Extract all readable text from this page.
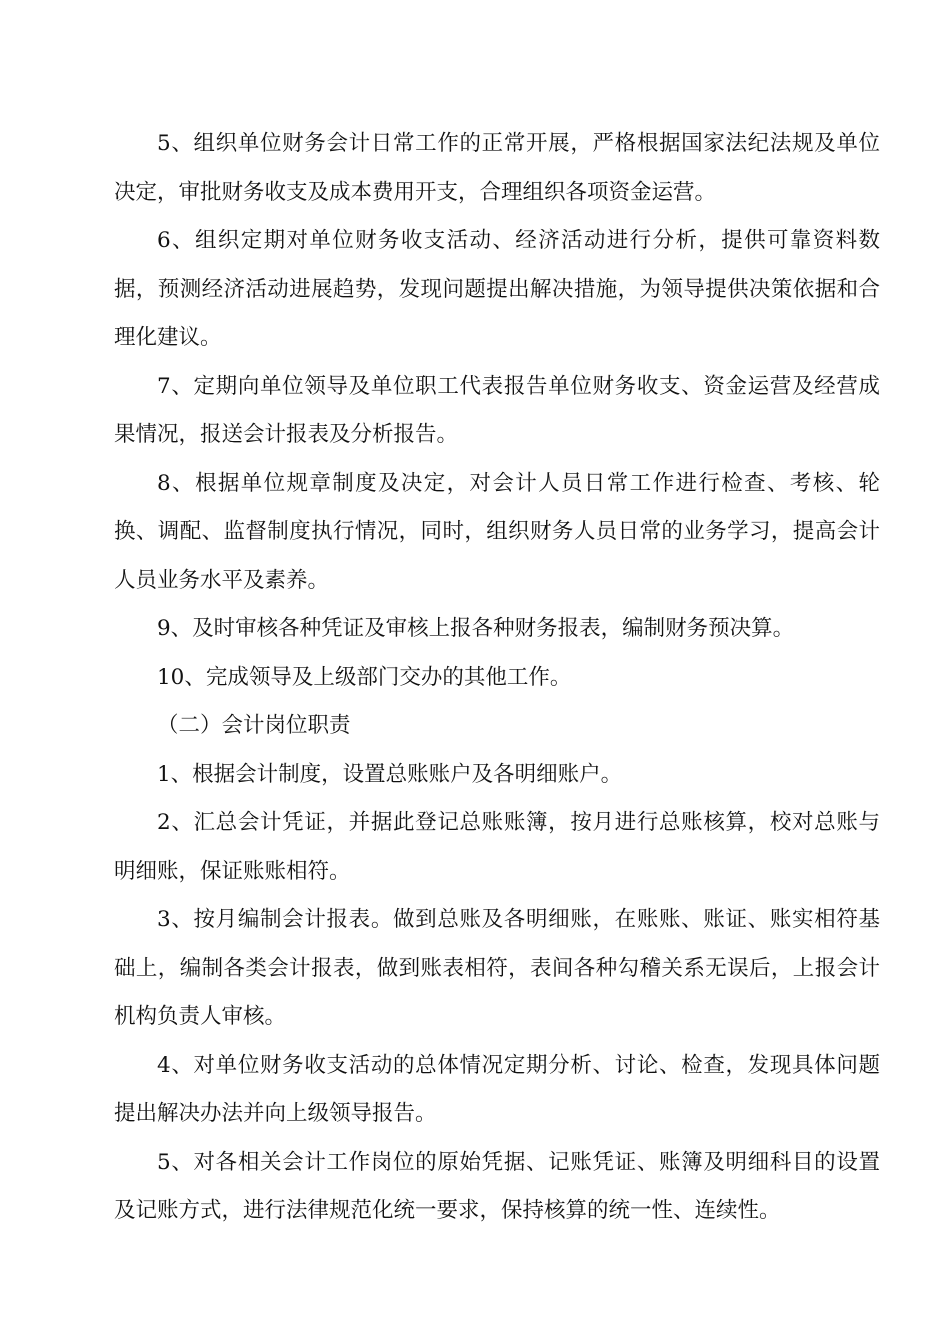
5、组织单位财务会计日常工作的正常开展，严格根据国家法纪法规及单位决定，审批财务收支及成本费用开支，合理组织各项资金运营。

6、组织定期对单位财务收支活动、经济活动进行分析，提供可靠资料数据，预测经济活动进展趋势，发现问题提出解决措施，为领导提供决策依据和合理化建议。

7、定期向单位领导及单位职工代表报告单位财务收支、资金运营及经营成果情况，报送会计报表及分析报告。

8、根据单位规章制度及决定，对会计人员日常工作进行检查、考核、轮换、调配、监督制度执行情况，同时，组织财务人员日常的业务学习，提高会计人员业务水平及素养。

9、及时审核各种凭证及审核上报各种财务报表，编制财务预决算。

10、完成领导及上级部门交办的其他工作。

（二）会计岗位职责

1、根据会计制度，设置总账账户及各明细账户。

2、汇总会计凭证，并据此登记总账账簿，按月进行总账核算，校对总账与明细账，保证账账相符。

3、按月编制会计报表。做到总账及各明细账，在账账、账证、账实相符基础上，编制各类会计报表，做到账表相符，表间各种勾稽关系无误后，上报会计机构负责人审核。

4、对单位财务收支活动的总体情况定期分析、讨论、检查，发现具体问题提出解决办法并向上级领导报告。

5、对各相关会计工作岗位的原始凭据、记账凭证、账簿及明细科目的设置及记账方式，进行法律规范化统一要求，保持核算的统一性、连续性。
